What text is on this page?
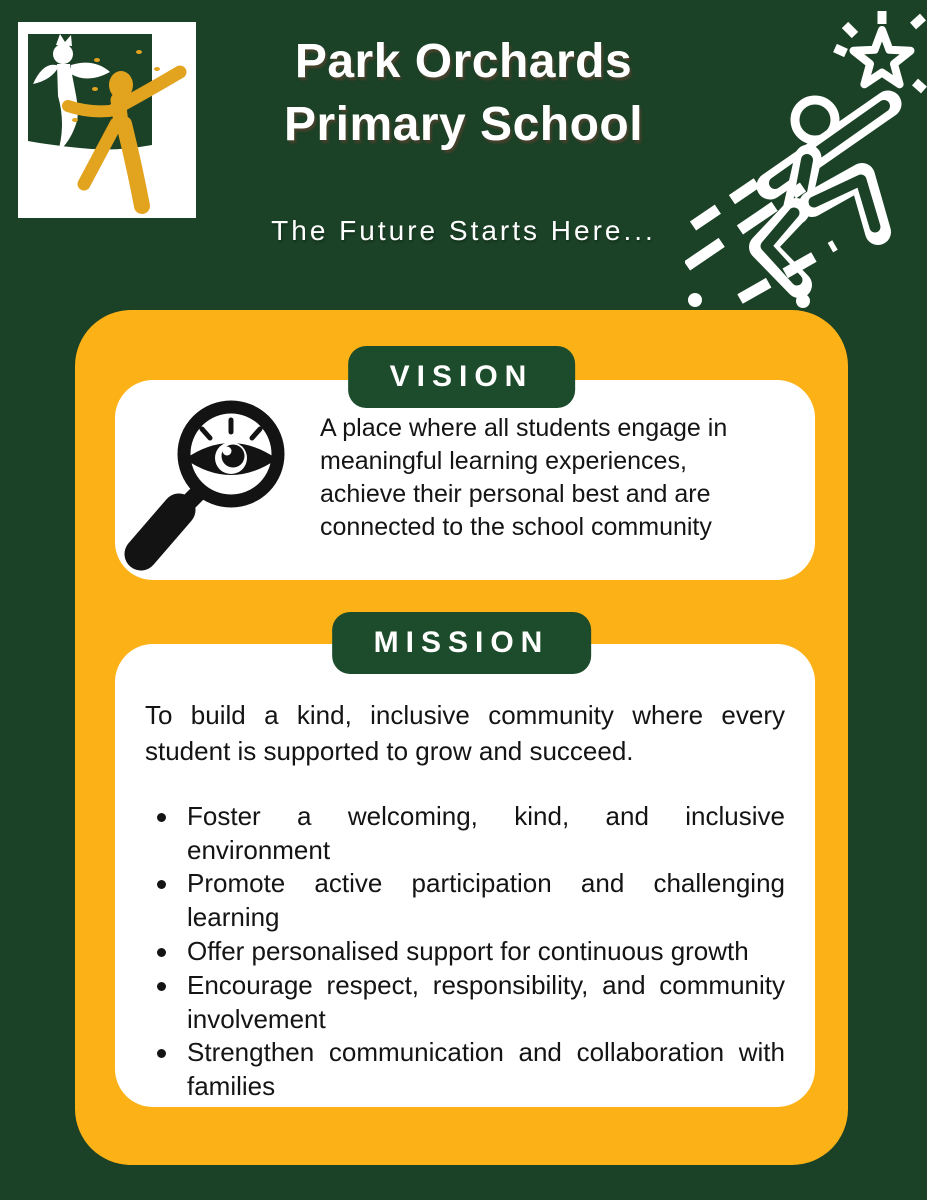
Park Orchards
Primary School
The Future Starts Here...
VISION
A place where all students engage in meaningful learning experiences, achieve their personal best and are connected to the school community
MISSION
To build a kind, inclusive community where every student is supported to grow and succeed.
Foster a welcoming, kind, and inclusive environment
Promote active participation and challenging learning
Offer personalised support for continuous growth
Encourage respect, responsibility, and community involvement
Strengthen communication and collaboration with families
